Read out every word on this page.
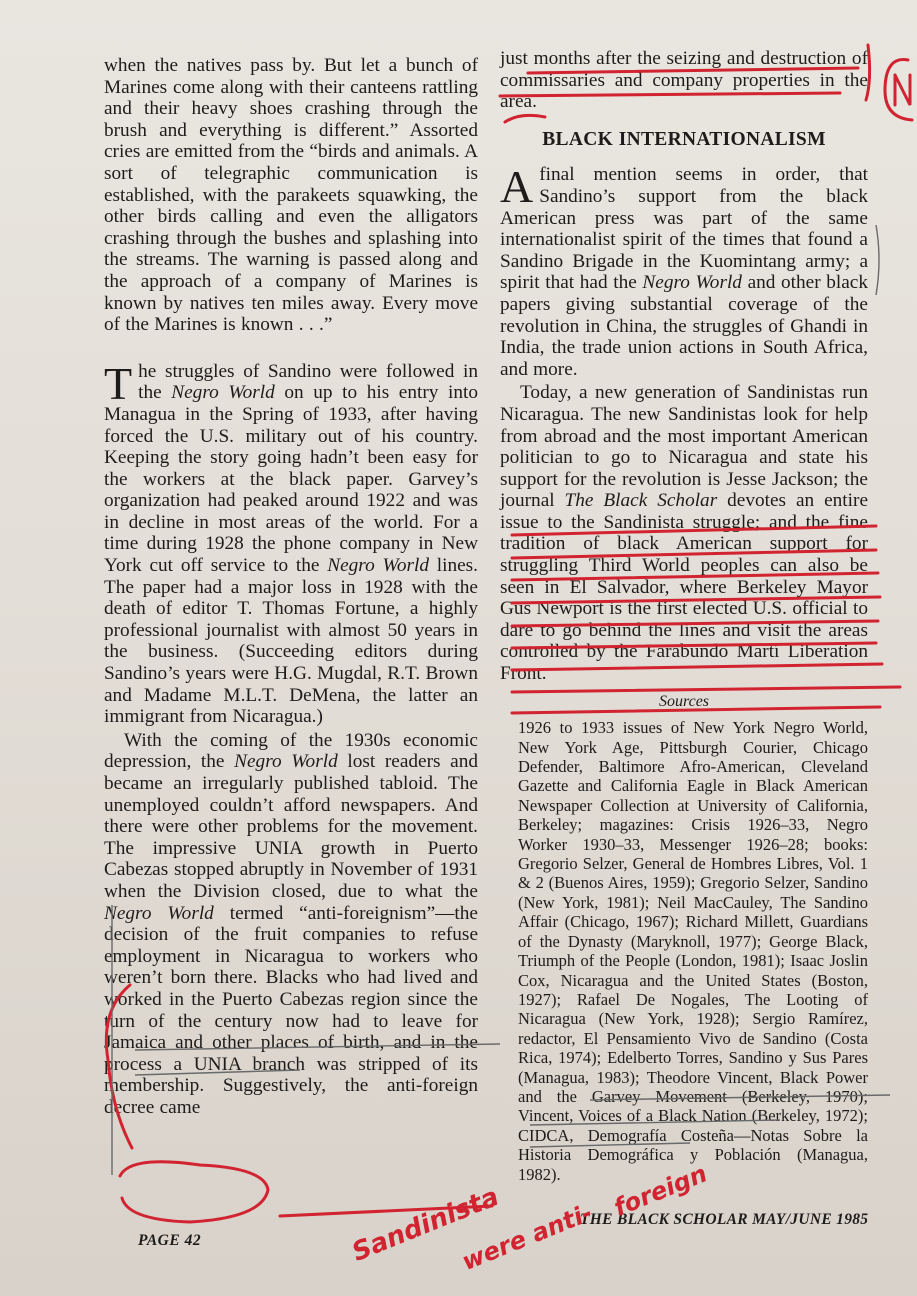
when the natives pass by. But let a bunch of Marines come along with their canteens rattling and their heavy shoes crashing through the brush and everything is different.” Assorted cries are emitted from the “birds and animals. A sort of telegraphic communication is established, with the parakeets squawking, the other birds calling and even the alligators crashing through the bushes and splashing into the streams. The warning is passed along and the approach of a company of Marines is known by natives ten miles away. Every move of the Marines is known . . .”

The struggles of Sandino were followed in the Negro World on up to his entry into Managua in the Spring of 1933, after having forced the U.S. military out of his country. Keeping the story going hadn’t been easy for the workers at the black paper. Garvey’s organization had peaked around 1922 and was in decline in most areas of the world. For a time during 1928 the phone company in New York cut off service to the Negro World lines. The paper had a major loss in 1928 with the death of editor T. Thomas Fortune, a highly professional journalist with almost 50 years in the business. (Succeeding editors during Sandino’s years were H.G. Mugdal, R.T. Brown and Madame M.L.T. DeMena, the latter an immigrant from Nicaragua.)

With the coming of the 1930s economic depression, the Negro World lost readers and became an irregularly published tabloid. The unemployed couldn’t afford newspapers. And there were other problems for the movement. The impressive UNIA growth in Puerto Cabezas stopped abruptly in November of 1931 when the Division closed, due to what the Negro World termed “anti-foreignism”—the decision of the fruit companies to refuse employment in Nicaragua to workers who weren’t born there. Blacks who had lived and worked in the Puerto Cabezas region since the turn of the century now had to leave for Jamaica and other places of birth, and in the process a UNIA branch was stripped of its membership. Suggestively, the anti-foreign decree came

just months after the seizing and destruction of commissaries and company properties in the area.

BLACK INTERNATIONALISM

A final mention seems in order, that Sandino’s support from the black American press was part of the same internationalist spirit of the times that found a Sandino Brigade in the Kuomintang army; a spirit that had the Negro World and other black papers giving substantial coverage of the revolution in China, the struggles of Ghandi in India, the trade union actions in South Africa, and more.

Today, a new generation of Sandinistas run Nicaragua. The new Sandinistas look for help from abroad and the most important American politician to go to Nicaragua and state his support for the revolution is Jesse Jackson; the journal The Black Scholar devotes an entire issue to the Sandinista struggle; and the fine tradition of black American support for struggling Third World peoples can also be seen in El Salvador, where Berkeley Mayor Gus Newport is the first elected U.S. official to dare to go behind the lines and visit the areas controlled by the Farabundo Martí Liberation Front.

Sources
1926 to 1933 issues of New York Negro World, New York Age, Pittsburgh Courier, Chicago Defender, Baltimore Afro-American, Cleveland Gazette and California Eagle in Black American Newspaper Collection at University of California, Berkeley; magazines: Crisis 1926–33, Negro Worker 1930–33, Messenger 1926–28; books: Gregorio Selzer, General de Hombres Libres, Vol. 1 & 2 (Buenos Aires, 1959); Gregorio Selzer, Sandino (New York, 1981); Neil MacCauley, The Sandino Affair (Chicago, 1967); Richard Millett, Guardians of the Dynasty (Maryknoll, 1977); George Black, Triumph of the People (London, 1981); Isaac Joslin Cox, Nicaragua and the United States (Boston, 1927); Rafael De Nogales, The Looting of Nicaragua (New York, 1928); Sergio Ramírez, redactor, El Pensamiento Vivo de Sandino (Costa Rica, 1974); Edelberto Torres, Sandino y Sus Pares (Managua, 1983); Theodore Vincent, Black Power and the Garvey Movement (Berkeley, 1970); Vincent, Voices of a Black Nation (Berkeley, 1972); CIDCA, Demografía Costeña—Notas Sobre la Historia Demográfica y Población (Managua, 1982).
PAGE 42
THE BLACK SCHOLAR MAY/JUNE 1985
Sandinista
were anti-
foreign
